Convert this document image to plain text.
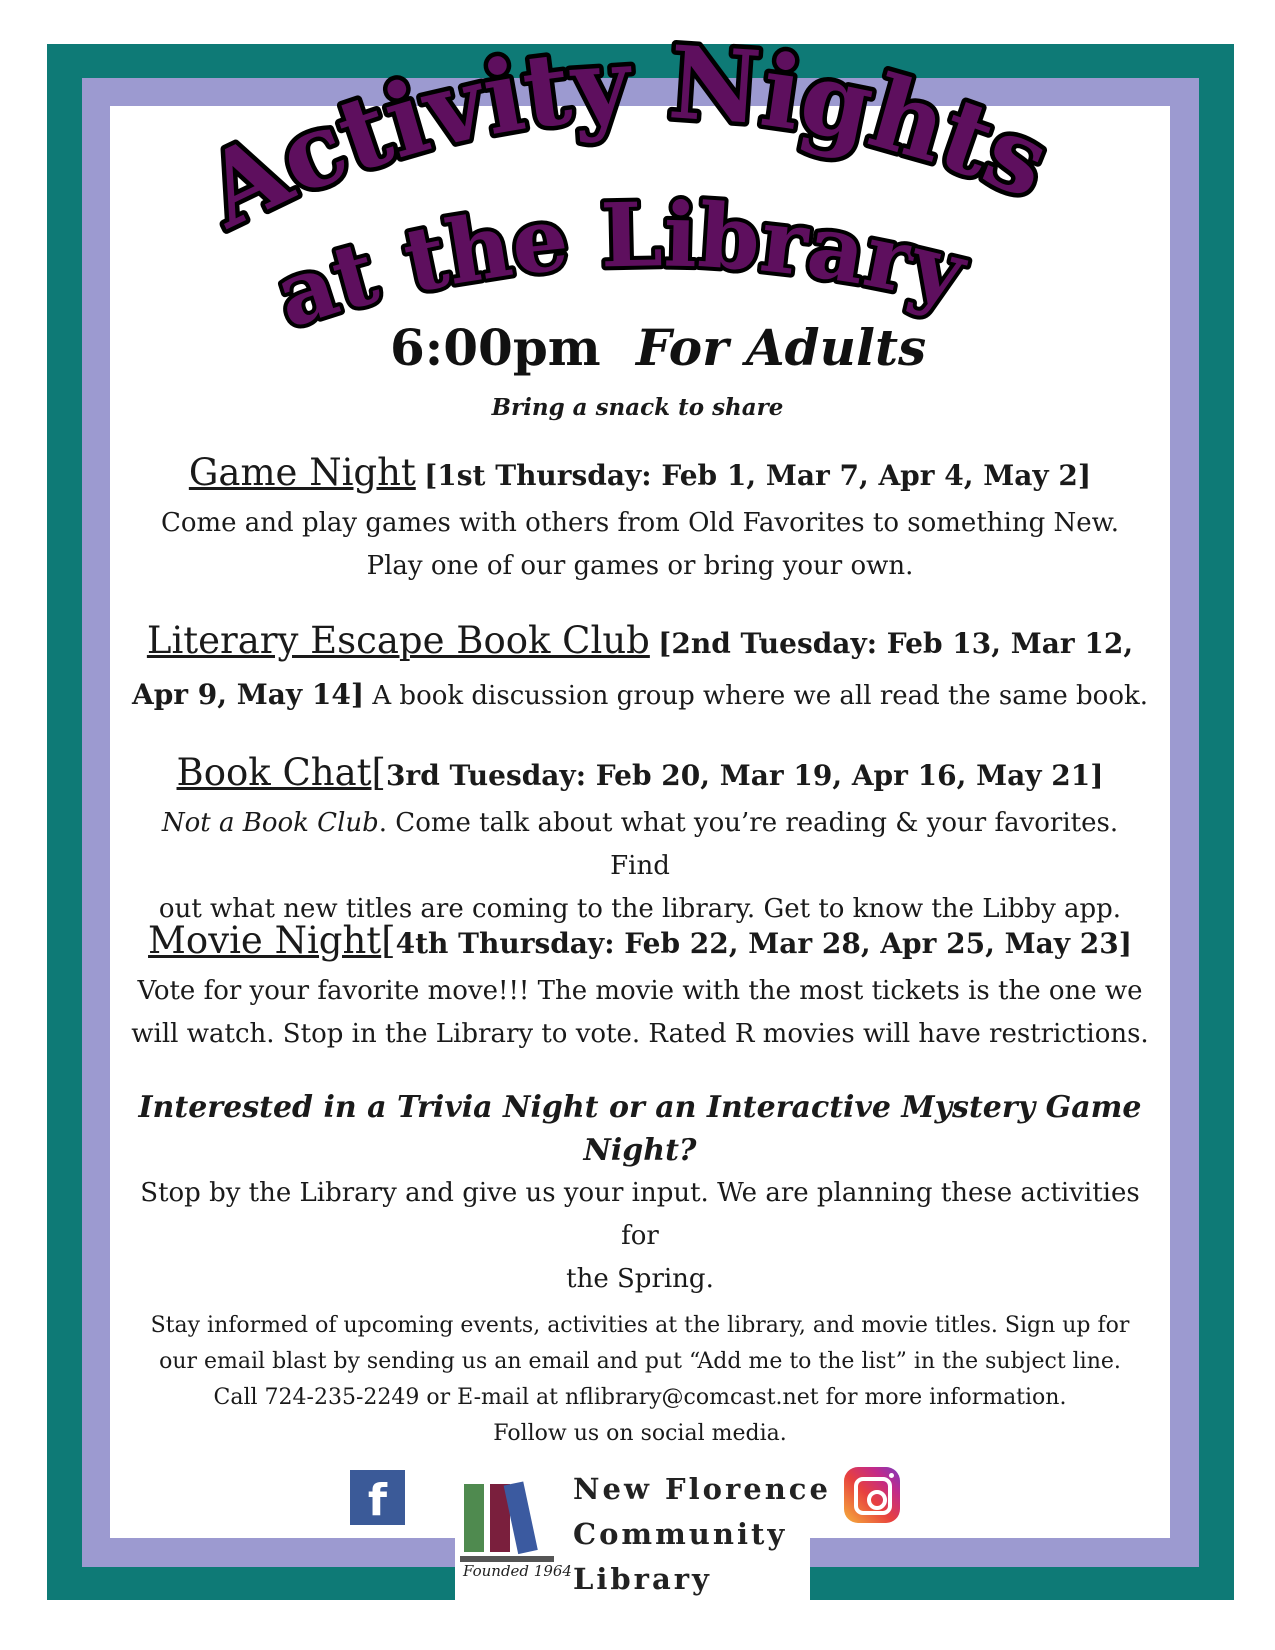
Activity Nights
at the Library
6:00pm For Adults
Bring a snack to share
Game Night [1st Thursday: Feb 1, Mar 7, Apr 4, May 2]
Come and play games with others from Old Favorites to something New.
Play one of our games or bring your own.
Literary Escape Book Club [2nd Tuesday: Feb 13, Mar 12,
Apr 9, May 14] A book discussion group where we all read the same book.
Book Chat[3rd Tuesday: Feb 20, Mar 19, Apr 16, May 21]
Not a Book Club. Come talk about what you’re reading & your favorites. Find
out what new titles are coming to the library. Get to know the Libby app.
Movie Night[4th Thursday: Feb 22, Mar 28, Apr 25, May 23]
Vote for your favorite move!!! The movie with the most tickets is the one we
will watch. Stop in the Library to vote. Rated R movies will have restrictions.
Interested in a Trivia Night or an Interactive Mystery Game Night?
Stop by the Library and give us your input. We are planning these activities for
the Spring.
Stay informed of upcoming events, activities at the library, and movie titles. Sign up for
our email blast by sending us an email and put “Add me to the list” in the subject line.
Call 724-235-2249 or E-mail at nflibrary@comcast.net for more information.
Follow us on social media.
f	New Florence
Community
Library
Founded 1964
